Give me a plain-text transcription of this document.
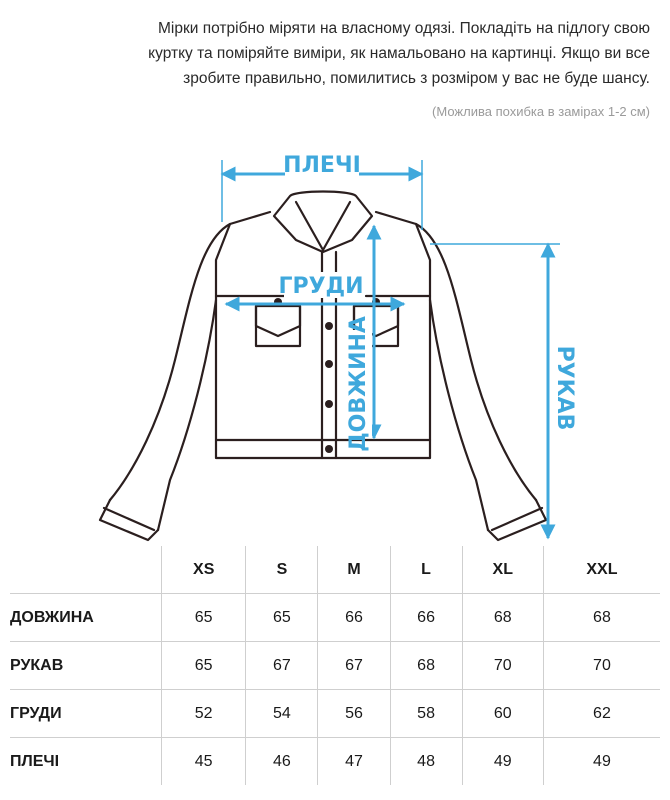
Мірки потрібно міряти на власному одязі. Покладіть на підлогу свою
куртку та поміряйте виміри, як намальовано на картинці. Якщо ви все
зробите правильно, помилитись з розміром у вас не буде шансу.
(Можлива похибка в замірах 1-2 см)
ПЛЕЧІ
ГРУДИ
ДОВЖИНА	РУКАВ
	XS	S	M	L	XL	XXL
ДОВЖИНА	65	65	66	66	68	68
РУКАВ	65	67	67	68	70	70
ГРУДИ	52	54	56	58	60	62
ПЛЕЧІ	45	46	47	48	49	49
